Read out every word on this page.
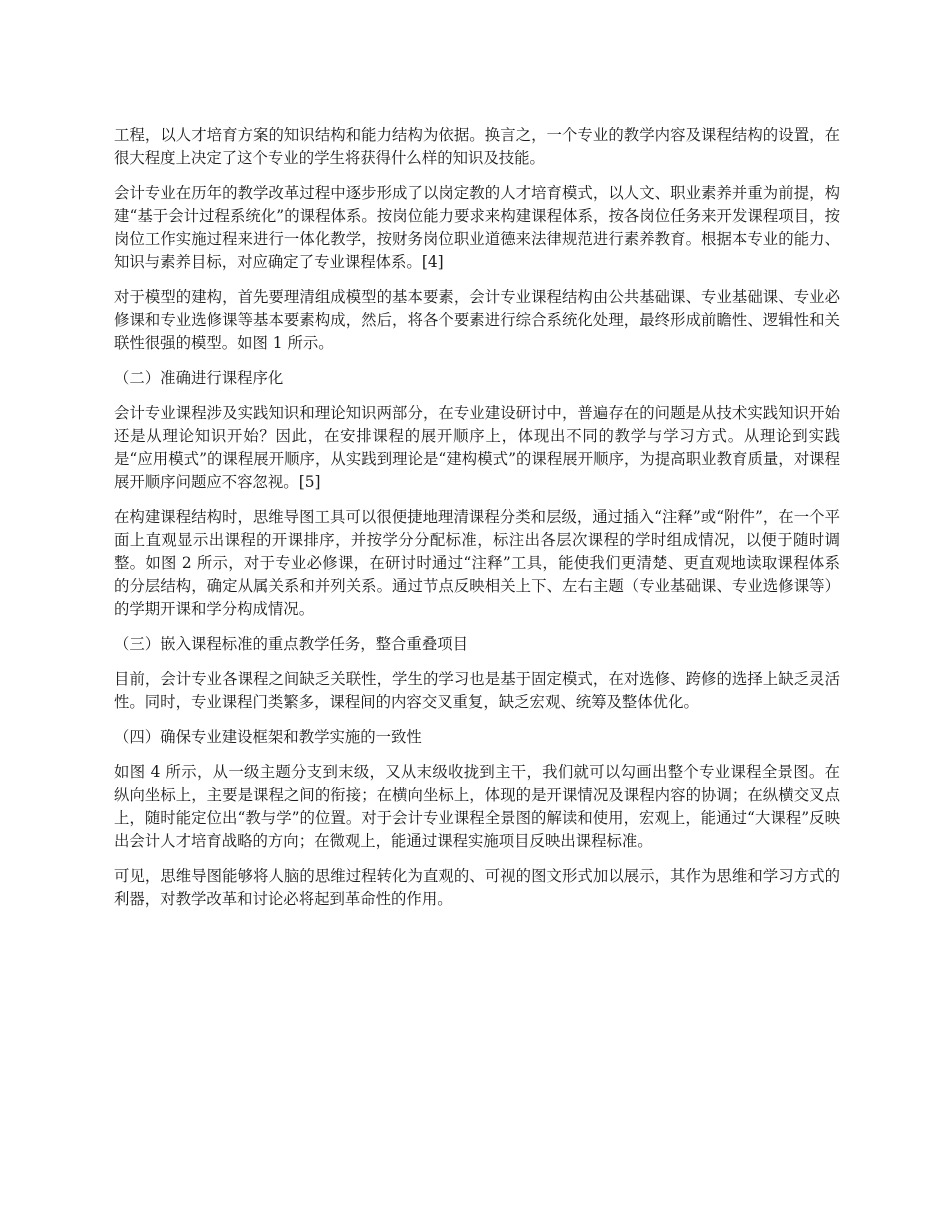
工程，以人才培育方案的知识结构和能力结构为依据。换言之，一个专业的教学内容及课程结构的设置，在很大程度上决定了这个专业的学生将获得什么样的知识及技能。

会计专业在历年的教学改革过程中逐步形成了以岗定教的人才培育模式，以人文、职业素养并重为前提，构建“基于会计过程系统化”的课程体系。按岗位能力要求来构建课程体系，按各岗位任务来开发课程项目，按岗位工作实施过程来进行一体化教学，按财务岗位职业道德来法律规范进行素养教育。根据本专业的能力、知识与素养目标，对应确定了专业课程体系。[4]

对于模型的建构，首先要理清组成模型的基本要素，会计专业课程结构由公共基础课、专业基础课、专业必修课和专业选修课等基本要素构成，然后，将各个要素进行综合系统化处理，最终形成前瞻性、逻辑性和关联性很强的模型。如图 1 所示。

（二）准确进行课程序化

会计专业课程涉及实践知识和理论知识两部分，在专业建设研讨中，普遍存在的问题是从技术实践知识开始还是从理论知识开始？因此，在安排课程的展开顺序上，体现出不同的教学与学习方式。从理论到实践是“应用模式”的课程展开顺序，从实践到理论是“建构模式”的课程展开顺序，为提高职业教育质量，对课程展开顺序问题应不容忽视。[5]

在构建课程结构时，思维导图工具可以很便捷地理清课程分类和层级，通过插入“注释”或“附件”，在一个平面上直观显示出课程的开课排序，并按学分分配标准，标注出各层次课程的学时组成情况，以便于随时调整。如图 2 所示，对于专业必修课，在研讨时通过“注释”工具，能使我们更清楚、更直观地读取课程体系的分层结构，确定从属关系和并列关系。通过节点反映相关上下、左右主题（专业基础课、专业选修课等）的学期开课和学分构成情况。

（三）嵌入课程标准的重点教学任务，整合重叠项目

目前，会计专业各课程之间缺乏关联性，学生的学习也是基于固定模式，在对选修、跨修的选择上缺乏灵活性。同时，专业课程门类繁多，课程间的内容交叉重复，缺乏宏观、统筹及整体优化。

（四）确保专业建设框架和教学实施的一致性

如图 4 所示，从一级主题分支到末级，又从末级收拢到主干，我们就可以勾画出整个专业课程全景图。在纵向坐标上，主要是课程之间的衔接；在横向坐标上，体现的是开课情况及课程内容的协调；在纵横交叉点上，随时能定位出“教与学”的位置。对于会计专业课程全景图的解读和使用，宏观上，能通过“大课程”反映出会计人才培育战略的方向；在微观上，能通过课程实施项目反映出课程标准。

可见，思维导图能够将人脑的思维过程转化为直观的、可视的图文形式加以展示，其作为思维和学习方式的利器，对教学改革和讨论必将起到革命性的作用。
